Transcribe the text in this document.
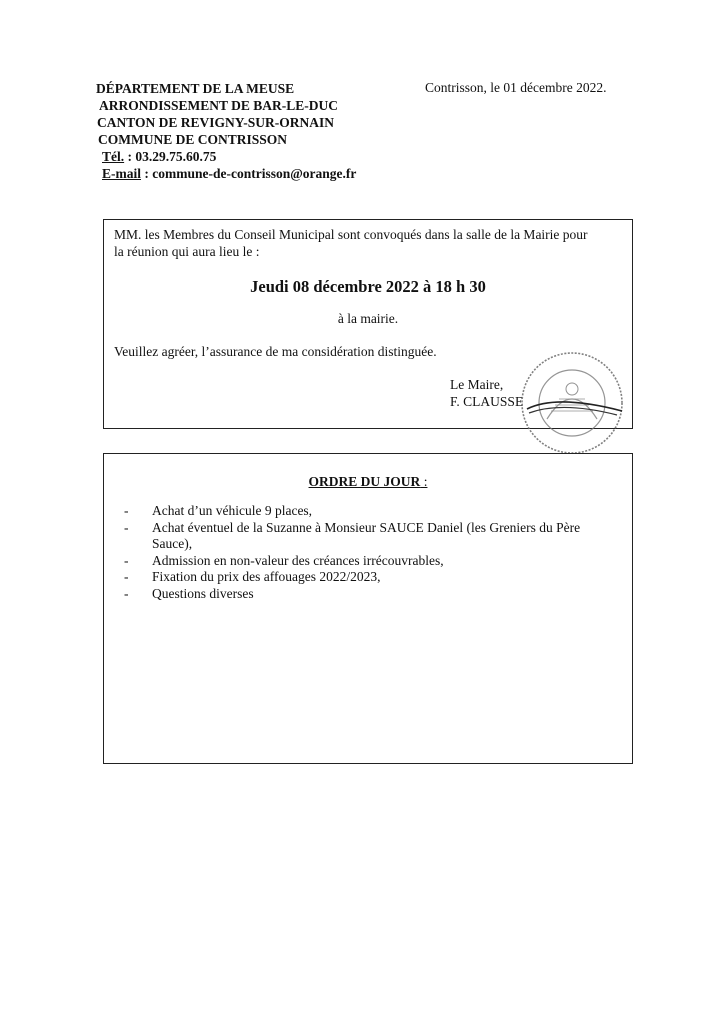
DÉPARTEMENT DE LA MEUSE
ARRONDISSEMENT DE BAR-LE-DUC
CANTON DE REVIGNY-SUR-ORNAIN
COMMUNE DE CONTRISSON
Tél. : 03.29.75.60.75
E-mail : commune-de-contrisson@orange.fr
Contrisson, le 01 décembre 2022.
MM. les Membres du Conseil Municipal sont convoqués dans la salle de la Mairie pour
la réunion qui aura lieu le :
Jeudi 08 décembre 2022 à 18 h 30
à la mairie.
Veuillez agréer, l’assurance de ma considération distinguée.
Le Maire,
F. CLAUSSE
ORDRE DU JOUR :
- Achat d’un véhicule 9 places,
- Achat éventuel de la Suzanne à Monsieur SAUCE Daniel (les Greniers du Père Sauce),
- Admission en non-valeur des créances irrécouvrables,
- Fixation du prix des affouages 2022/2023,
- Questions diverses
